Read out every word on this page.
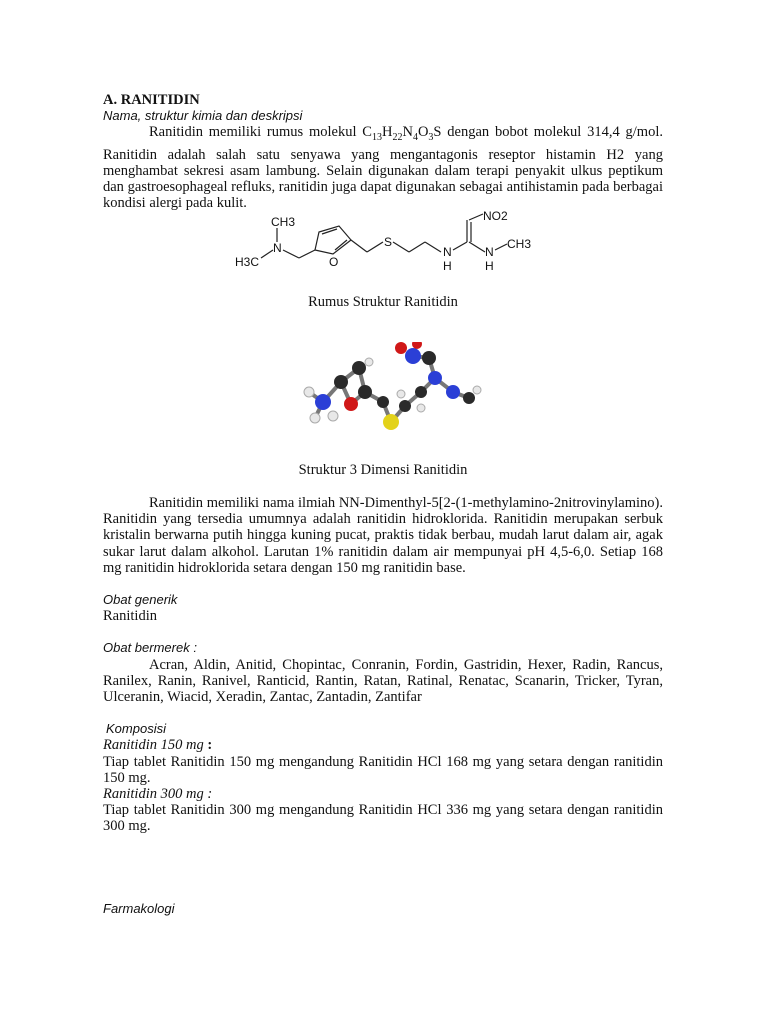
A. RANITIDIN

Nama, struktur kimia dan deskripsi

Ranitidin memiliki rumus molekul $C_{13}H_{22}N_4O_3S$ dengan bobot molekul 314,4 g/mol. Ranitidin adalah salah satu senyawa yang mengantagonis reseptor histamin H2 yang menghambat sekresi asam lambung. Selain digunakan dalam terapi penyakit ulkus peptikum dan gastroesophageal refluks, ranitidin juga dapat digunakan sebagai antihistamin pada berbagai kondisi alergi pada kulit.

CH3
N
H3C	O
S
N
H
N
H
CH3
NO2

Rumus Struktur Ranitidin

Struktur 3 Dimensi Ranitidin

Ranitidin memiliki nama ilmiah NN-Dimenthyl-5[2-(1-methylamino-2nitrovinylamino). Ranitidin yang tersedia umumnya adalah ranitidin hidroklorida. Ranitidin merupakan serbuk kristalin berwarna putih hingga kuning pucat, praktis tidak berbau, mudah larut dalam air, agak sukar larut dalam alkohol. Larutan 1% ranitidin dalam air mempunyai pH 4,5-6,0. Setiap 168 mg ranitidin hidroklorida setara dengan 150 mg ranitidin base.

Obat generik

Ranitidin

Obat bermerek :

Acran, Aldin, Anitid, Chopintac, Conranin, Fordin, Gastridin, Hexer, Radin, Rancus, Ranilex, Ranin, Ranivel, Ranticid, Rantin, Ratan, Ratinal, Renatac, Scanarin, Tricker, Tyran, Ulceranin, Wiacid, Xeradin, Zantac, Zantadin, Zantifar

Komposisi

Ranitidin 150 mg :

Tiap tablet Ranitidin 150 mg mengandung Ranitidin HCl 168 mg yang setara dengan ranitidin 150 mg.

Ranitidin 300 mg :

Tiap tablet Ranitidin 300 mg mengandung Ranitidin HCl 336 mg yang setara dengan ranitidin 300 mg.

Farmakologi
